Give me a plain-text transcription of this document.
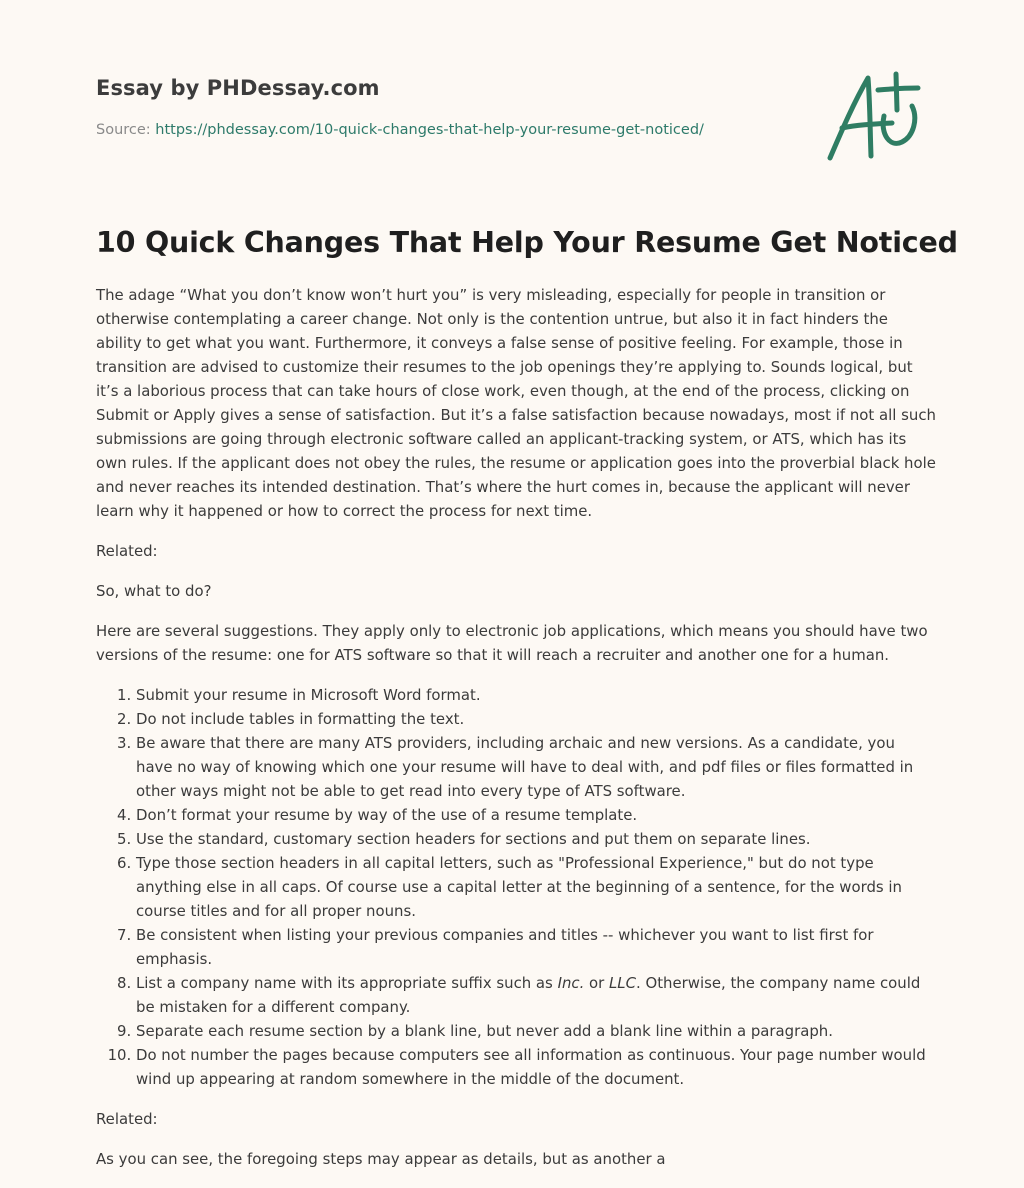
Essay by PHDessay.com
Source: https://phdessay.com/10-quick-changes-that-help-your-resume-get-noticed/
10 Quick Changes That Help Your Resume Get Noticed

The adage “What you don’t know won’t hurt you” is very misleading, especially for people in transition or otherwise contemplating a career change. Not only is the contention untrue, but also it in fact hinders the ability to get what you want. Furthermore, it conveys a false sense of positive feeling. For example, those in transition are advised to customize their resumes to the job openings they’re applying to. Sounds logical, but it’s a laborious process that can take hours of close work, even though, at the end of the process, clicking on Submit or Apply gives a sense of satisfaction. But it’s a false satisfaction because nowadays, most if not all such submissions are going through electronic software called an applicant-tracking system, or ATS, which has its own rules. If the applicant does not obey the rules, the resume or application goes into the proverbial black hole and never reaches its intended destination. That’s where the hurt comes in, because the applicant will never learn why it happened or how to correct the process for next time.

Related:

So, what to do?

Here are several suggestions. They apply only to electronic job applications, which means you should have two versions of the resume: one for ATS software so that it will reach a recruiter and another one for a human.

1. Submit your resume in Microsoft Word format.
2. Do not include tables in formatting the text.
3. Be aware that there are many ATS providers, including archaic and new versions. As a candidate, you have no way of knowing which one your resume will have to deal with, and pdf files or files formatted in other ways might not be able to get read into every type of ATS software.
4. Don’t format your resume by way of the use of a resume template.
5. Use the standard, customary section headers for sections and put them on separate lines.
6. Type those section headers in all capital letters, such as "Professional Experience," but do not type anything else in all caps. Of course use a capital letter at the beginning of a sentence, for the words in course titles and for all proper nouns.
7. Be consistent when listing your previous companies and titles -- whichever you want to list first for emphasis.
8. List a company name with its appropriate suffix such as Inc. or LLC. Otherwise, the company name could be mistaken for a different company.
9. Separate each resume section by a blank line, but never add a blank line within a paragraph.
10. Do not number the pages because computers see all information as continuous. Your page number would wind up appearing at random somewhere in the middle of the document.

Related:

As you can see, the foregoing steps may appear as details, but as another a
